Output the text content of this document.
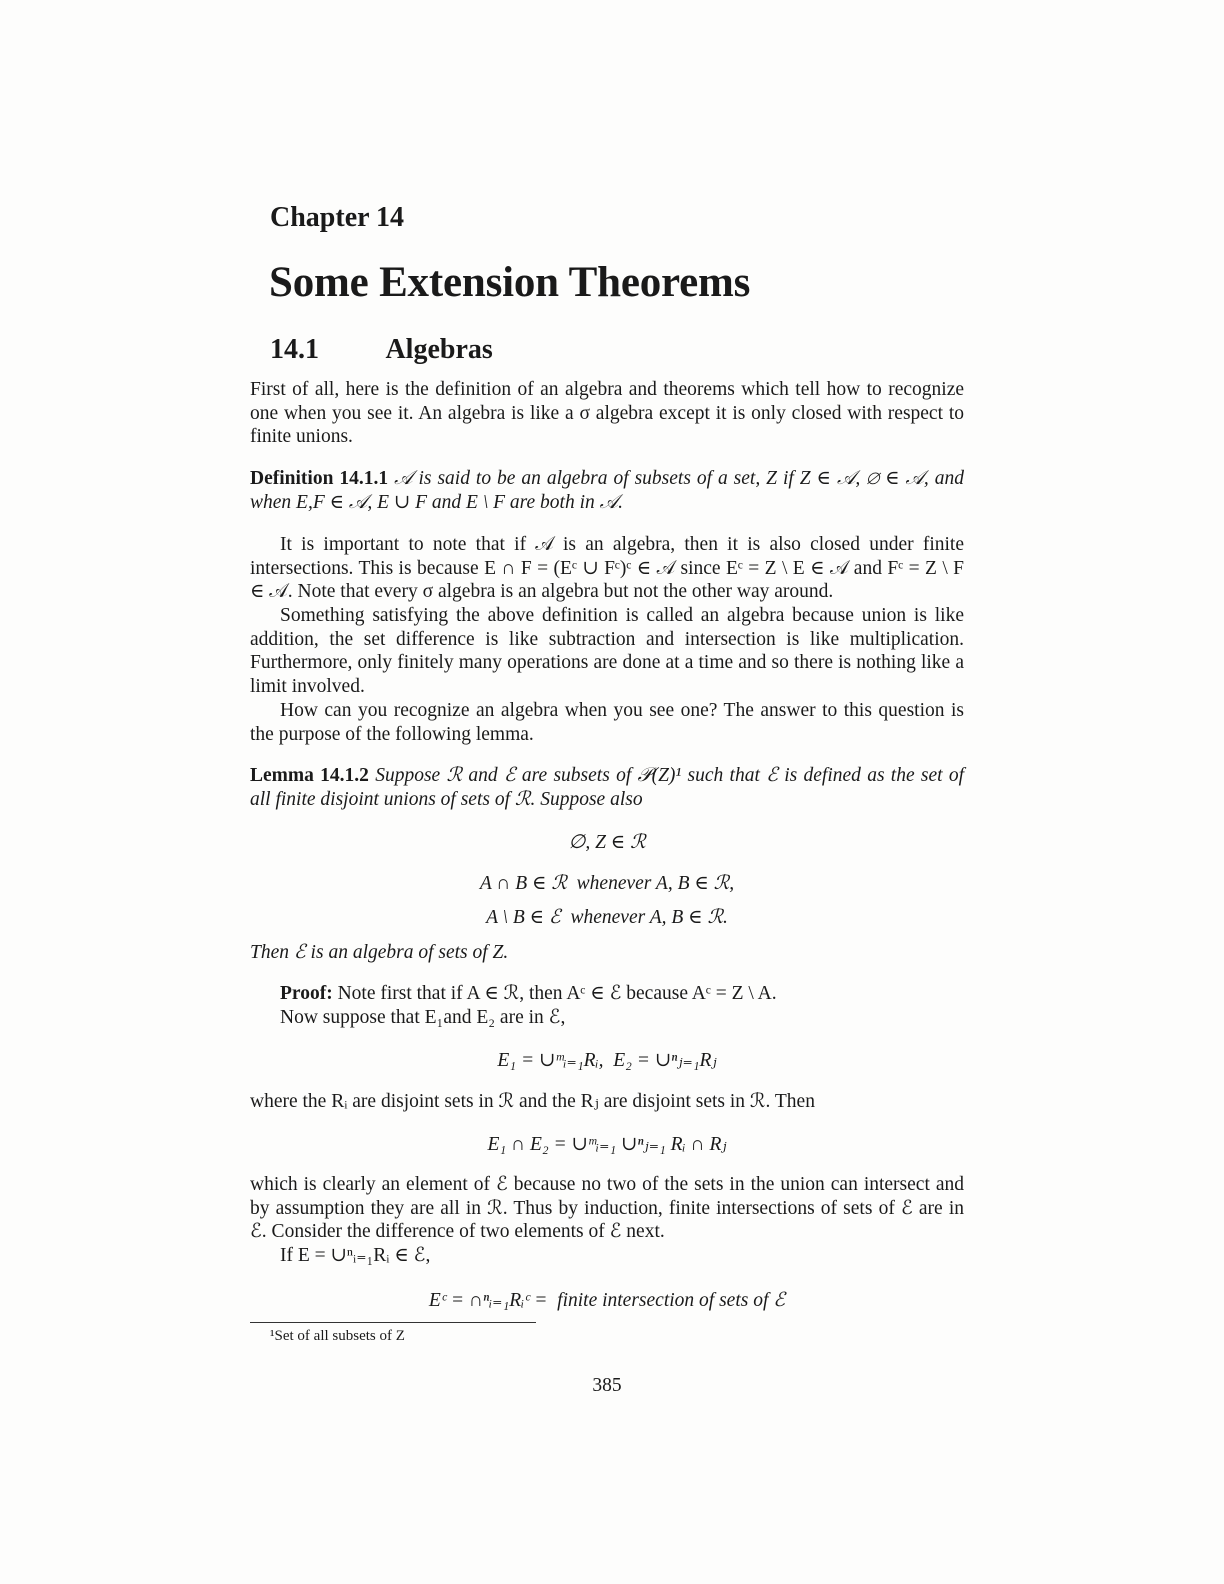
Chapter 14
Some Extension Theorems
14.1    Algebras
First of all, here is the definition of an algebra and theorems which tell how to recognize one when you see it. An algebra is like a σ algebra except it is only closed with respect to finite unions.
Definition 14.1.1 𝒜 is said to be an algebra of subsets of a set, Z if Z ∈ 𝒜, ∅ ∈ 𝒜, and when E,F ∈ 𝒜, E ∪ F and E \ F are both in 𝒜.
It is important to note that if 𝒜 is an algebra, then it is also closed under finite intersections. This is because E ∩ F = (Eᶜ ∪ Fᶜ)ᶜ ∈ 𝒜 since Eᶜ = Z \ E ∈ 𝒜 and Fᶜ = Z \ F ∈ 𝒜. Note that every σ algebra is an algebra but not the other way around.
Something satisfying the above definition is called an algebra because union is like addition, the set difference is like subtraction and intersection is like multiplication. Furthermore, only finitely many operations are done at a time and so there is nothing like a limit involved.
How can you recognize an algebra when you see one? The answer to this question is the purpose of the following lemma.
Lemma 14.1.2 Suppose ℛ and ℰ are subsets of 𝒫(Z)¹ such that ℰ is defined as the set of all finite disjoint unions of sets of ℛ. Suppose also
∅, Z ∈ ℛ
A ∩ B ∈ ℛ  whenever A, B ∈ ℛ,
A \ B ∈ ℰ  whenever A, B ∈ ℛ.
Then ℰ is an algebra of sets of Z.
Proof: Note first that if A ∈ ℛ, then Aᶜ ∈ ℰ because Aᶜ = Z \ A.
Now suppose that E₁and E₂ are in ℰ,
E₁ = ∪ᵐᵢ₌₁Rᵢ,  E₂ = ∪ⁿⱼ₌₁Rⱼ
where the Rᵢ are disjoint sets in ℛ and the Rⱼ are disjoint sets in ℛ. Then
E₁ ∩ E₂ = ∪ᵐᵢ₌₁ ∪ⁿⱼ₌₁ Rᵢ ∩ Rⱼ
which is clearly an element of ℰ because no two of the sets in the union can intersect and by assumption they are all in ℛ. Thus by induction, finite intersections of sets of ℰ are in ℰ. Consider the difference of two elements of ℰ next.
If E = ∪ⁿᵢ₌₁Rᵢ ∈ ℰ,
Eᶜ = ∩ⁿᵢ₌₁Rᵢᶜ =  finite intersection of sets of ℰ
¹Set of all subsets of Z
385
